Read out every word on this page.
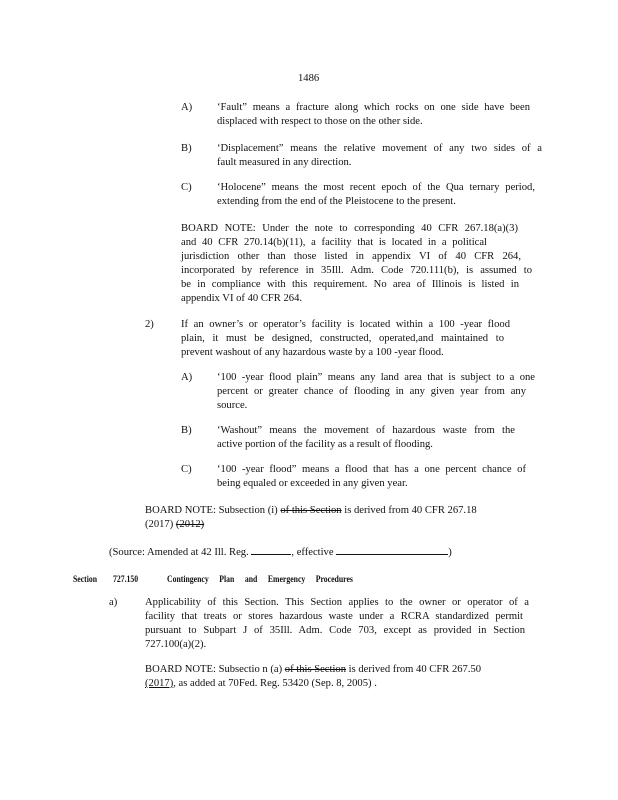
1486
A) ‘Fault” means a fracture along which rocks on one side have been
displaced with respect to those on the other side.
B) ‘Displacement” means the relative movement of any two sides of a
fault measured in any direction.
C) ‘Holocene” means the most recent epoch of the Qua ternary period,
extending from the end of the Pleistocene to the present.
BOARD NOTE: Under the note to corresponding 40 CFR 267.18(a)(3)
and 40 CFR 270.14(b)(11), a facility that is located in a political
jurisdiction other than those listed in appendix VI of 40 CFR 264,
incorporated by reference in 35Ill. Adm. Code 720.111(b), is assumed to
be in compliance with this requirement. No area of Illinois is listed in
appendix VI of 40 CFR 264.
2)	If an owner’s or operator’s facility is located within a 100 -year flood
plain, it must be designed, constructed, operated,and maintained to
prevent washout of any hazardous waste by a 100 -year flood.
A) ‘100 -year flood plain” means any land area that is subject to a one
percent or greater chance of flooding in any given year from any
source.
B) ‘Washout” means the movement of hazardous waste from the
active portion of the facility as a result of flooding.
C) ‘100 -year flood” means a flood that has a one percent chance of
being equaled or exceeded in any given year.
BOARD NOTE: Subsection (i) of this Section is derived from 40 CFR 267.18
(2017) (2012)
(Source: Amended at 42 Ill. Reg.	, effective	)
Section 727.150	Contingency Plan and Emergency Procedures
a)	Applicability of this Section. This Section applies to the owner or operator of a
facility that treats or stores hazardous waste under a RCRA standardized permit
pursuant to Subpart J of 35Ill. Adm. Code 703, except as provided in Section
727.100(a)(2).
BOARD NOTE: Subsectio n (a) of this Section is derived from 40 CFR 267.50
(2017), as added at 70Fed. Reg. 53420 (Sep. 8, 2005) .
